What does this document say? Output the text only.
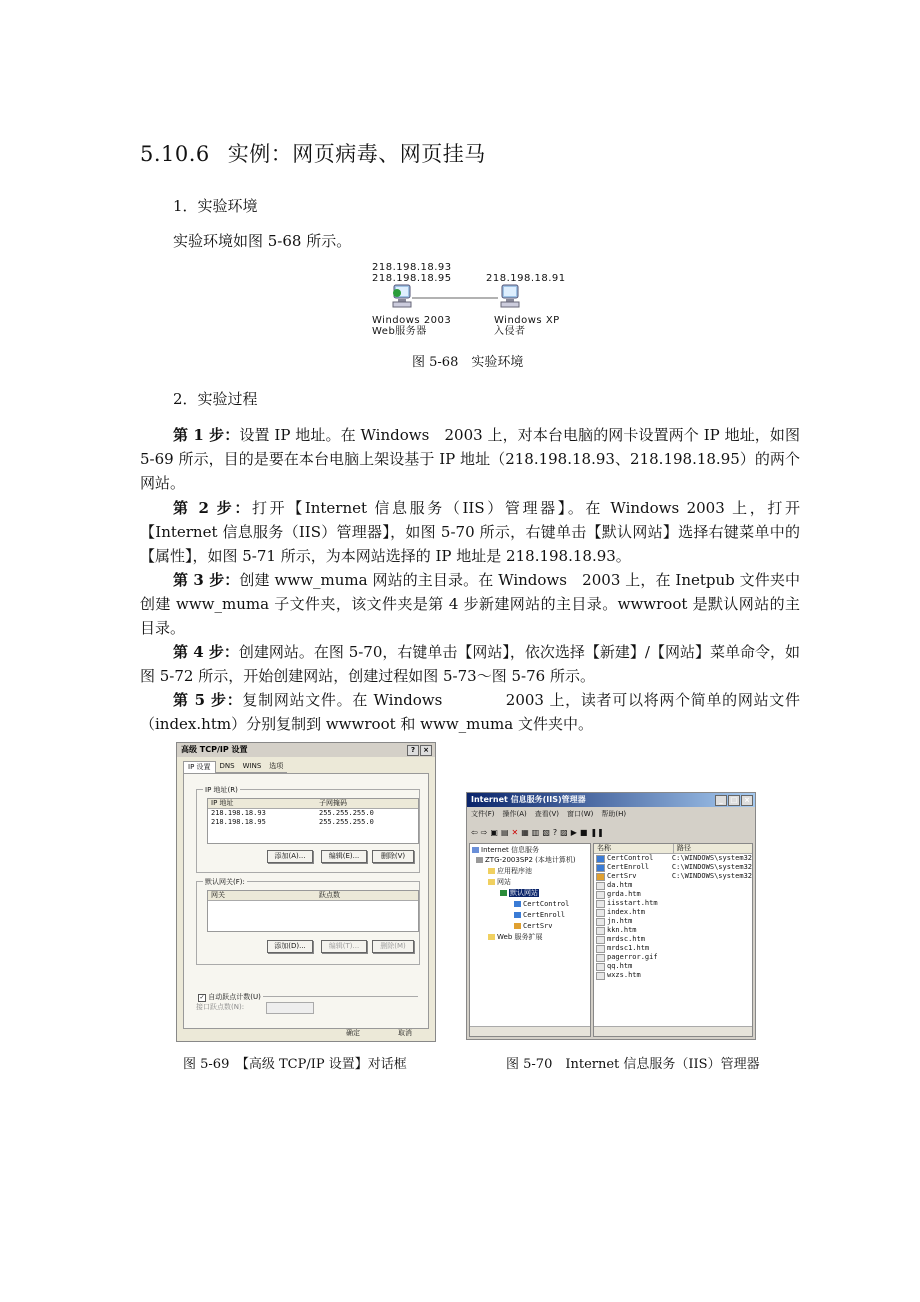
5.10.6 实例：网页病毒、网页挂马
1．实验环境
实验环境如图 5-68 所示。
218.198.18.93
218.198.18.95	218.198.18.91
Windows 2003
Web服务器
Windows XP
入侵者
图 5-68　实验环境
2．实验过程
第 1 步：设置 IP 地址。在 Windows　2003 上，对本台电脑的网卡设置两个 IP 地址，如图 5-69 所示，目的是要在本台电脑上架设基于 IP 地址（218.198.18.93、218.198.18.95）的两个网站。
第 2 步：打开【Internet 信息服务（IIS）管理器】。在 Windows 2003 上，打开【Internet 信息服务（IIS）管理器】，如图 5-70 所示，右键单击【默认网站】选择右键菜单中的【属性】，如图 5-71 所示，为本网站选择的 IP 地址是 218.198.18.93。
第 3 步：创建 www_muma 网站的主目录。在 Windows　2003 上，在 Inetpub 文件夹中创建 www_muma 子文件夹，该文件夹是第 4 步新建网站的主目录。wwwroot 是默认网站的主目录。
第 4 步：创建网站。在图 5-70，右键单击【网站】，依次选择【新建】/【网站】菜单命令，如图 5-72 所示，开始创建网站，创建过程如图 5-73～图 5-76 所示。
第 5 步：复制网站文件。在 Windows　　　　2003 上，读者可以将两个简单的网站文件（index.htm）分别复制到 wwwroot 和 www_muma 文件夹中。
高级 TCP/IP 设置	?	×
IP 设置	DNS	WINS	选项
IP 地址(R)
IP 地址	子网掩码
218.198.18.93	255.255.255.0
218.198.18.95	255.255.255.0
添加(A)...	编辑(E)...	删除(V)
默认网关(F):
网关	跃点数
添加(D)...	编辑(T)...	删除(M)
✓ 自动跃点计数(U)
接口跃点数(N):
确定	取消
图 5-69　【高级 TCP/IP 设置】对话框
Internet 信息服务(IIS)管理器	_	□ ×
文件(F) 操作(A) 查看(V) 窗口(W) 帮助(H)
⇦ ⇨ ▣ ▤ ✕ ▦ ▥ ▧ ? ▨ ▶ ■ ❚❚
Internet 信息服务
ZTG-2003SP2 (本地计算机)
应用程序池
网站
默认网站
CertControl
CertEnroll
CertSrv
Web 服务扩展
名称	路径
CertControl	C:\WINDOWS\system32
CertEnroll	C:\WINDOWS\system32
CertSrv	C:\WINDOWS\system32
da.htm
grda.htm
iisstart.htm
index.htm
jn.htm
kkn.htm
mrdsc.htm
mrdsc1.htm
pagerror.gif
qq.htm
wxzs.htm
图 5-70　Internet 信息服务（IIS）管理器
